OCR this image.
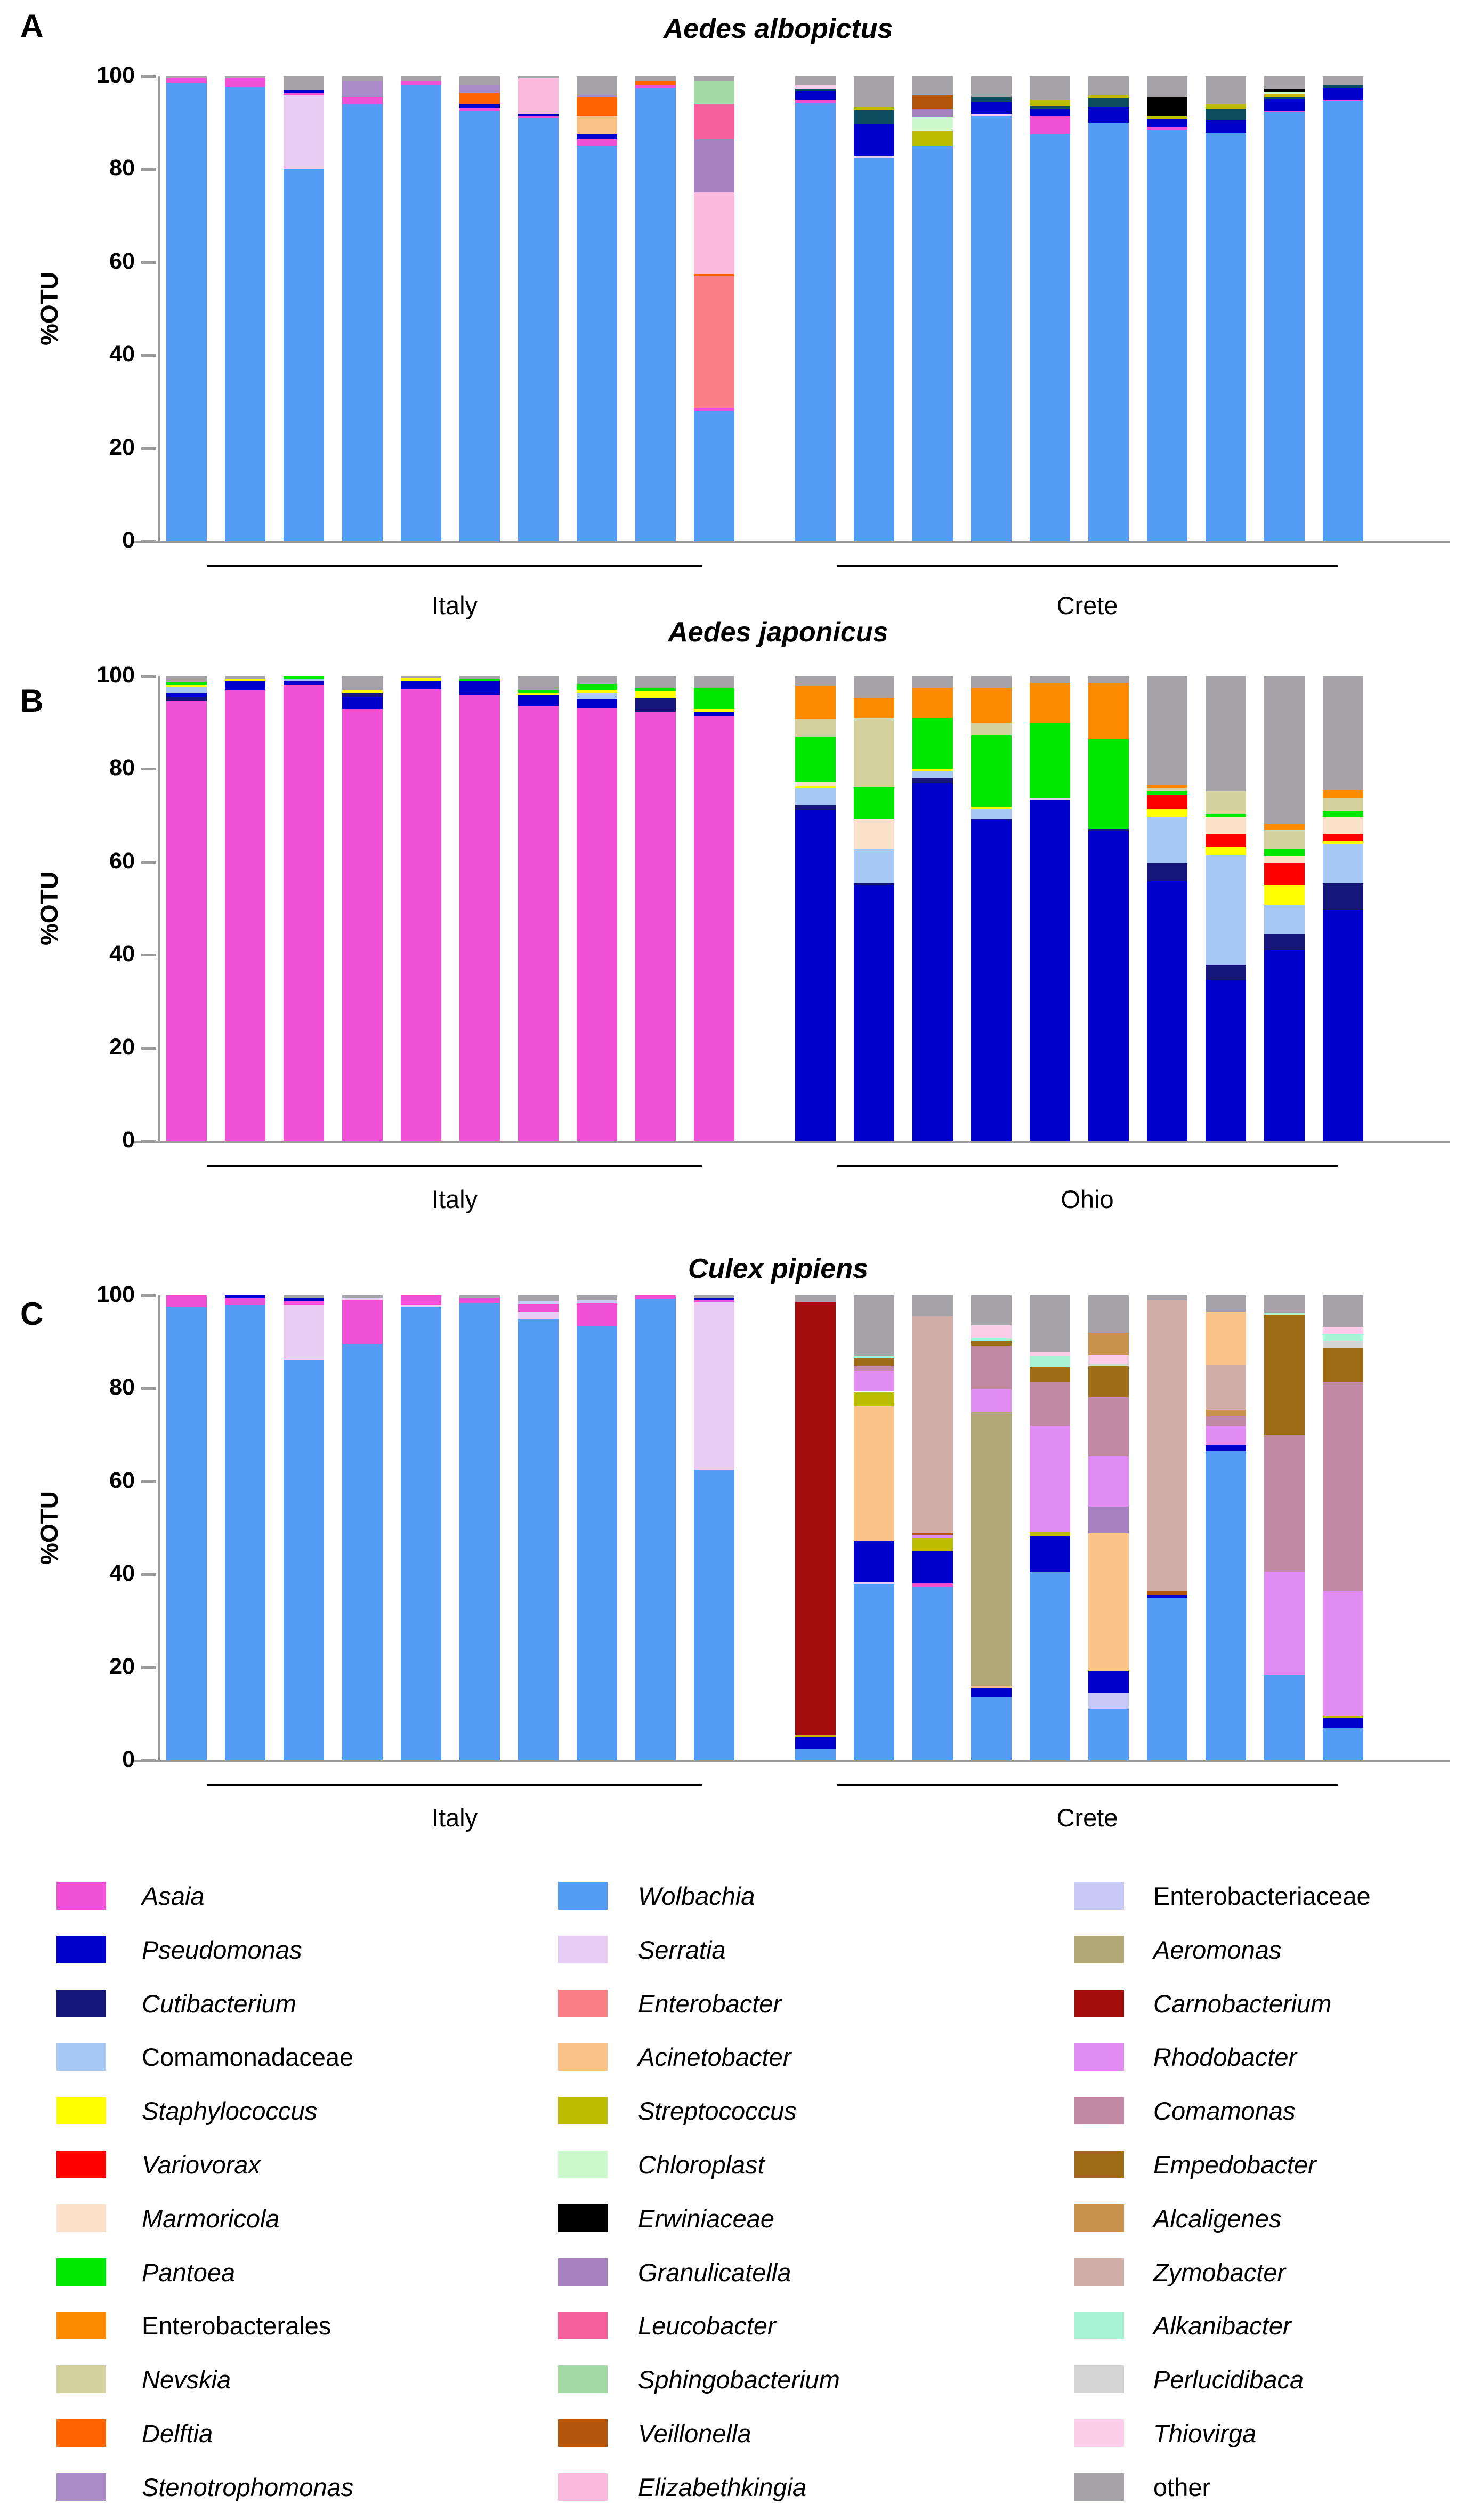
A	Aedes albopictus
%OTU
Italy	Crete
B
Aedes japonicus
%OTU
Italy	Ohio
C
Culex pipiens
%OTU
Italy	Crete
100
80
60
40
20
0
100
80
60
40
20
0
100
80
60
40
20
0
Asaia
Pseudomonas
Cutibacterium
Comamonadaceae
Staphylococcus
Variovorax
Marmoricola
Pantoea
Enterobacterales
Nevskia
Delftia
Stenotrophomonas
Wolbachia
Serratia
Enterobacter
Acinetobacter
Streptococcus
Chloroplast
Erwiniaceae
Granulicatella
Leucobacter
Sphingobacterium
Veillonella
Elizabethkingia
Enterobacteriaceae
Aeromonas
Carnobacterium
Rhodobacter
Comamonas
Empedobacter
Alcaligenes
Zymobacter
Alkanibacter
Perlucidibaca
Thiovirga
other
